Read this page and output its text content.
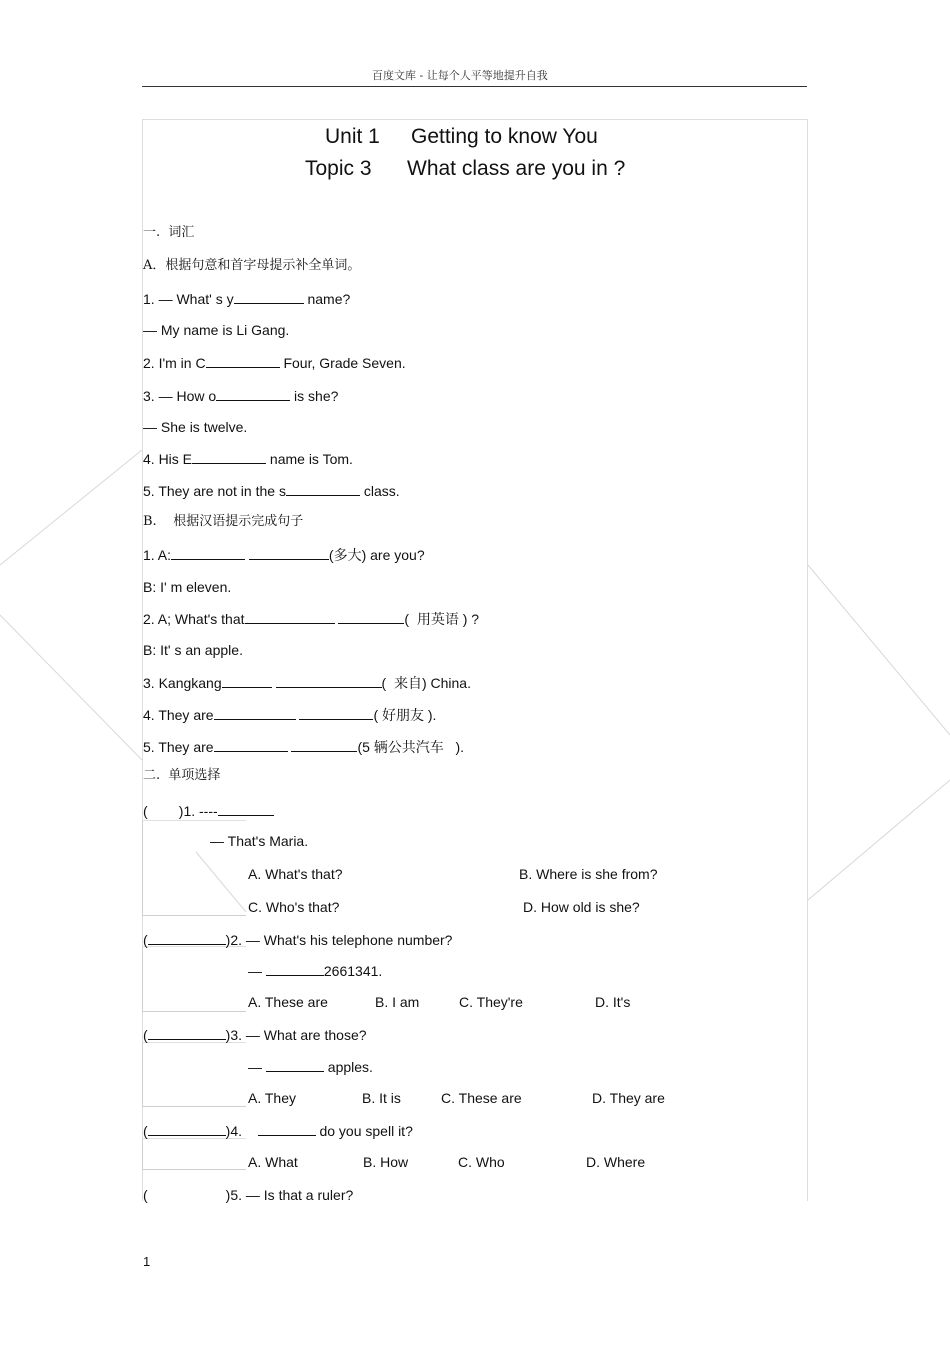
百度文库 - 让每个人平等地提升自我
Unit 1 Getting to know You
Topic 3 What class are you in ?
一.  词汇
A．根据句意和首字母提示补全单词。
1. — What' s y	name?
— My name is Li Gang.
2. I'm in C	Four, Grade Seven.
3. — How o	is she?
— She is twelve.
4. His E	name is Tom.
5. They are not in the s	class.
B.    根据汉语提示完成句子
1. A:	(多大) are you?
B: I' m eleven.
2. A; What's that	(  用英语 ) ?
B: It' s an apple.
3. Kangkang	(  来自) China.
4. They are	( 好朋友 ).
5. They are	(5 辆公共汽车   ).
二.  单项选择
(        )1. ----
— That's Maria.
A. What's that?	B. Where is she from?
C. Who's that?	D. How old is she?
(	)2. — What's his telephone number?
—	2661341.
A. These are	B. I am	C. They're	D. It's
(	)3. — What are those?
—	apples.
A. They	B. It is	C. These are	D. They are
(	)4.	do you spell it?
A. What	B. How	C. Who	D. Where
(	)5. — Is that a ruler?
1
